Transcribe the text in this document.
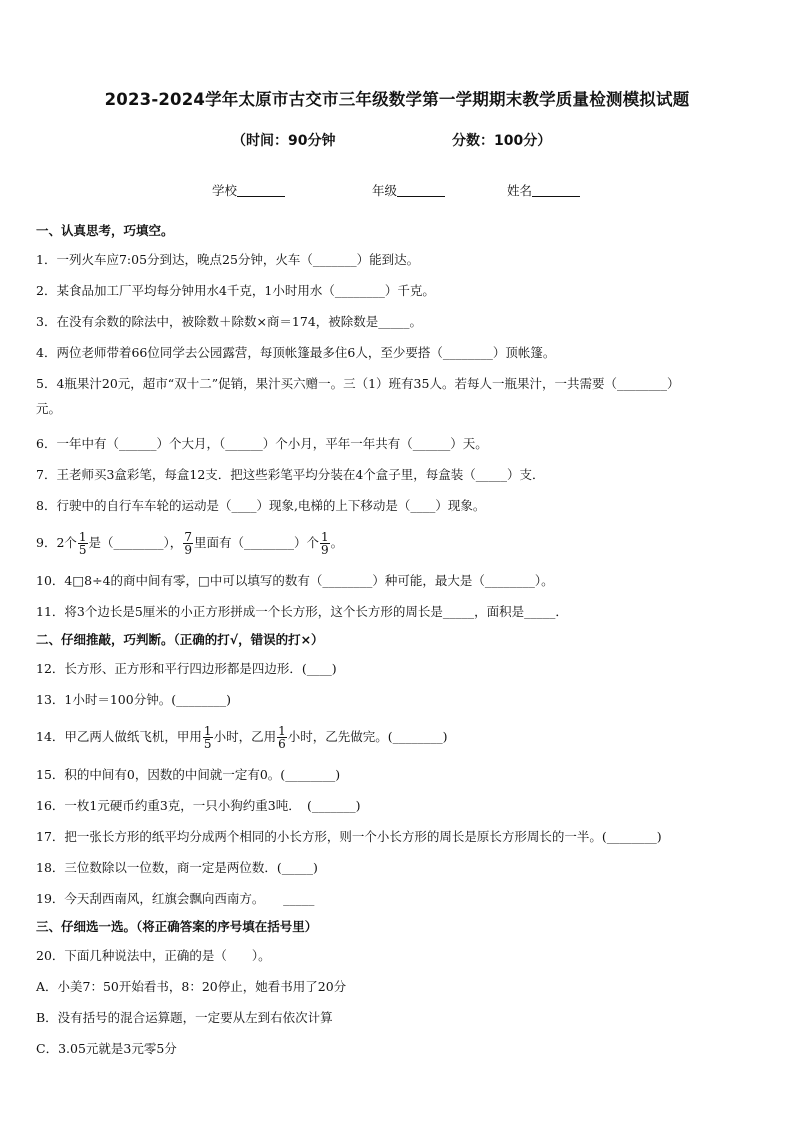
2023-2024学年太原市古交市三年级数学第一学期期末教学质量检测模拟试题
（时间：90分钟	分数：100分）
学校	年级	姓名
一、认真思考，巧填空。
1．一列火车应7:05分到达，晚点25分钟，火车（_______）能到达。
2．某食品加工厂平均每分钟用水4千克，1小时用水（________）千克。
3．在没有余数的除法中，被除数＋除数×商＝174，被除数是_____。
4．两位老师带着66位同学去公园露营，每顶帐篷最多住6人，至少要搭（________）顶帐篷。
5．4瓶果汁20元，超市“双十二”促销，果汁买六赠一。三（1）班有35人。若每人一瓶果汁，一共需要（________）
元。
6．一年中有（______）个大月，（______）个小月，平年一年共有（______）天。
7．王老师买3盒彩笔，每盒12支．把这些彩笔平均分装在4个盒子里，每盒装（_____）支．
8．行驶中的自行车车轮的运动是（____）现象,电梯的上下移动是（____）现象。
9．2个 $\frac{1}{5}$ 是（________）， $\frac{7}{9}$ 里面有（________）个 $\frac{1}{9}$ 。
10．4□8÷4的商中间有零，□中可以填写的数有（________）种可能，最大是（________）。
11．将3个边长是5厘米的小正方形拼成一个长方形，这个长方形的周长是_____，面积是_____．
二、仔细推敲，巧判断。（正确的打√，错误的打×）
12．长方形、正方形和平行四边形都是四边形．(____)
13．1小时＝100分钟。(________)
14．甲乙两人做纸飞机，甲用 $\frac{1}{5}$ 小时，乙用 $\frac{1}{6}$ 小时，乙先做完。(________)
15．积的中间有0，因数的中间就一定有0。(________)
16．一枚1元硬币约重3克，一只小狗约重3吨．　(_______)
17．把一张长方形的纸平均分成两个相同的小长方形，则一个小长方形的周长是原长方形周长的一半。(________)
18．三位数除以一位数，商一定是两位数．(_____)
19．今天刮西南风，红旗会飘向西南方。　　_____
三、仔细选一选。（将正确答案的序号填在括号里）
20．下面几种说法中，正确的是（　　）。
A．小美7：50开始看书，8：20停止，她看书用了20分
B．没有括号的混合运算题，一定要从左到右依次计算
C．3.05元就是3元零5分
